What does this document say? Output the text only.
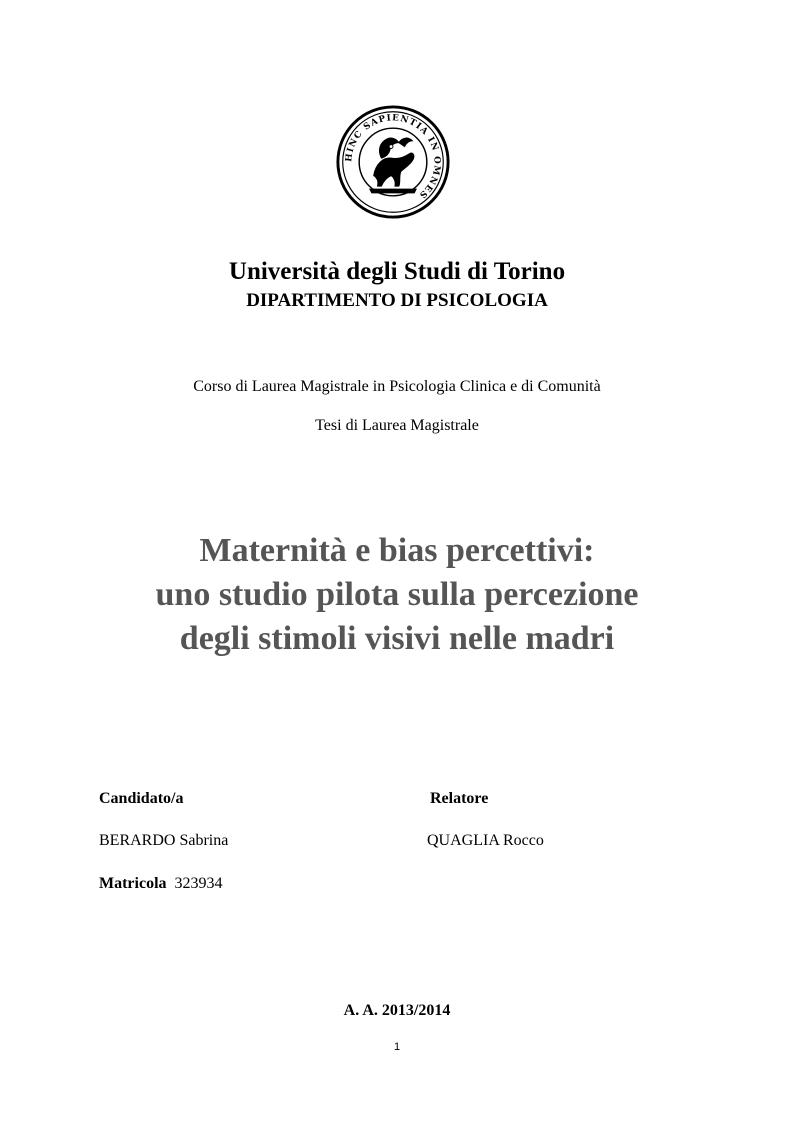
HINC SAPIENTIA IN OMNES
Università degli Studi di Torino
DIPARTIMENTO DI PSICOLOGIA
Corso di Laurea Magistrale in Psicologia Clinica e di Comunità
Tesi di Laurea Magistrale
Maternità e bias percettivi:
uno studio pilota sulla percezione
degli stimoli visivi nelle madri
Candidato/a
BERARDO Sabrina
Matricola 323934
Relatore
QUAGLIA Rocco
A. A. 2013/2014
1
